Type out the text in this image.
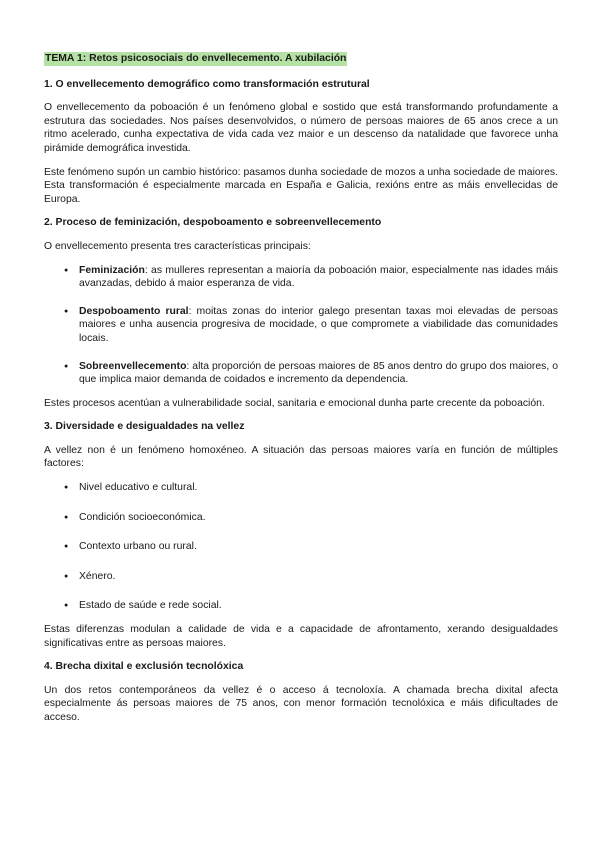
TEMA 1: Retos psicosociais do envellecemento. A xubilación
1. O envellecemento demográfico como transformación estrutural

O envellecemento da poboación é un fenómeno global e sostido que está transformando profundamente a estrutura das sociedades. Nos países desenvolvidos, o número de persoas maiores de 65 anos crece a un ritmo acelerado, cunha expectativa de vida cada vez maior e un descenso da natalidade que favorece unha pirámide demográfica investida.

Este fenómeno supón un cambio histórico: pasamos dunha sociedade de mozos a unha sociedade de maiores. Esta transformación é especialmente marcada en España e Galicia, rexións entre as máis envellecidas de Europa.

2. Proceso de feminización, despoboamento e sobreenvellecemento

O envellecemento presenta tres características principais:

● Feminización: as mulleres representan a maioría da poboación maior, especialmente nas idades máis avanzadas, debido á maior esperanza de vida.
● Despoboamento rural: moitas zonas do interior galego presentan taxas moi elevadas de persoas maiores e unha ausencia progresiva de mocidade, o que compromete a viabilidade das comunidades locais.
● Sobreenvellecemento: alta proporción de persoas maiores de 85 anos dentro do grupo dos maiores, o que implica maior demanda de coidados e incremento da dependencia.

Estes procesos acentúan a vulnerabilidade social, sanitaria e emocional dunha parte crecente da poboación.

3. Diversidade e desigualdades na vellez

A vellez non é un fenómeno homoxéneo. A situación das persoas maiores varía en función de múltiples factores:

● Nivel educativo e cultural.
● Condición socioeconómica.
● Contexto urbano ou rural.
● Xénero.
● Estado de saúde e rede social.

Estas diferenzas modulan a calidade de vida e a capacidade de afrontamento, xerando desigualdades significativas entre as persoas maiores.

4. Brecha dixital e exclusión tecnolóxica

Un dos retos contemporáneos da vellez é o acceso á tecnoloxía. A chamada brecha dixital afecta especialmente ás persoas maiores de 75 anos, con menor formación tecnolóxica e máis dificultades de acceso.
